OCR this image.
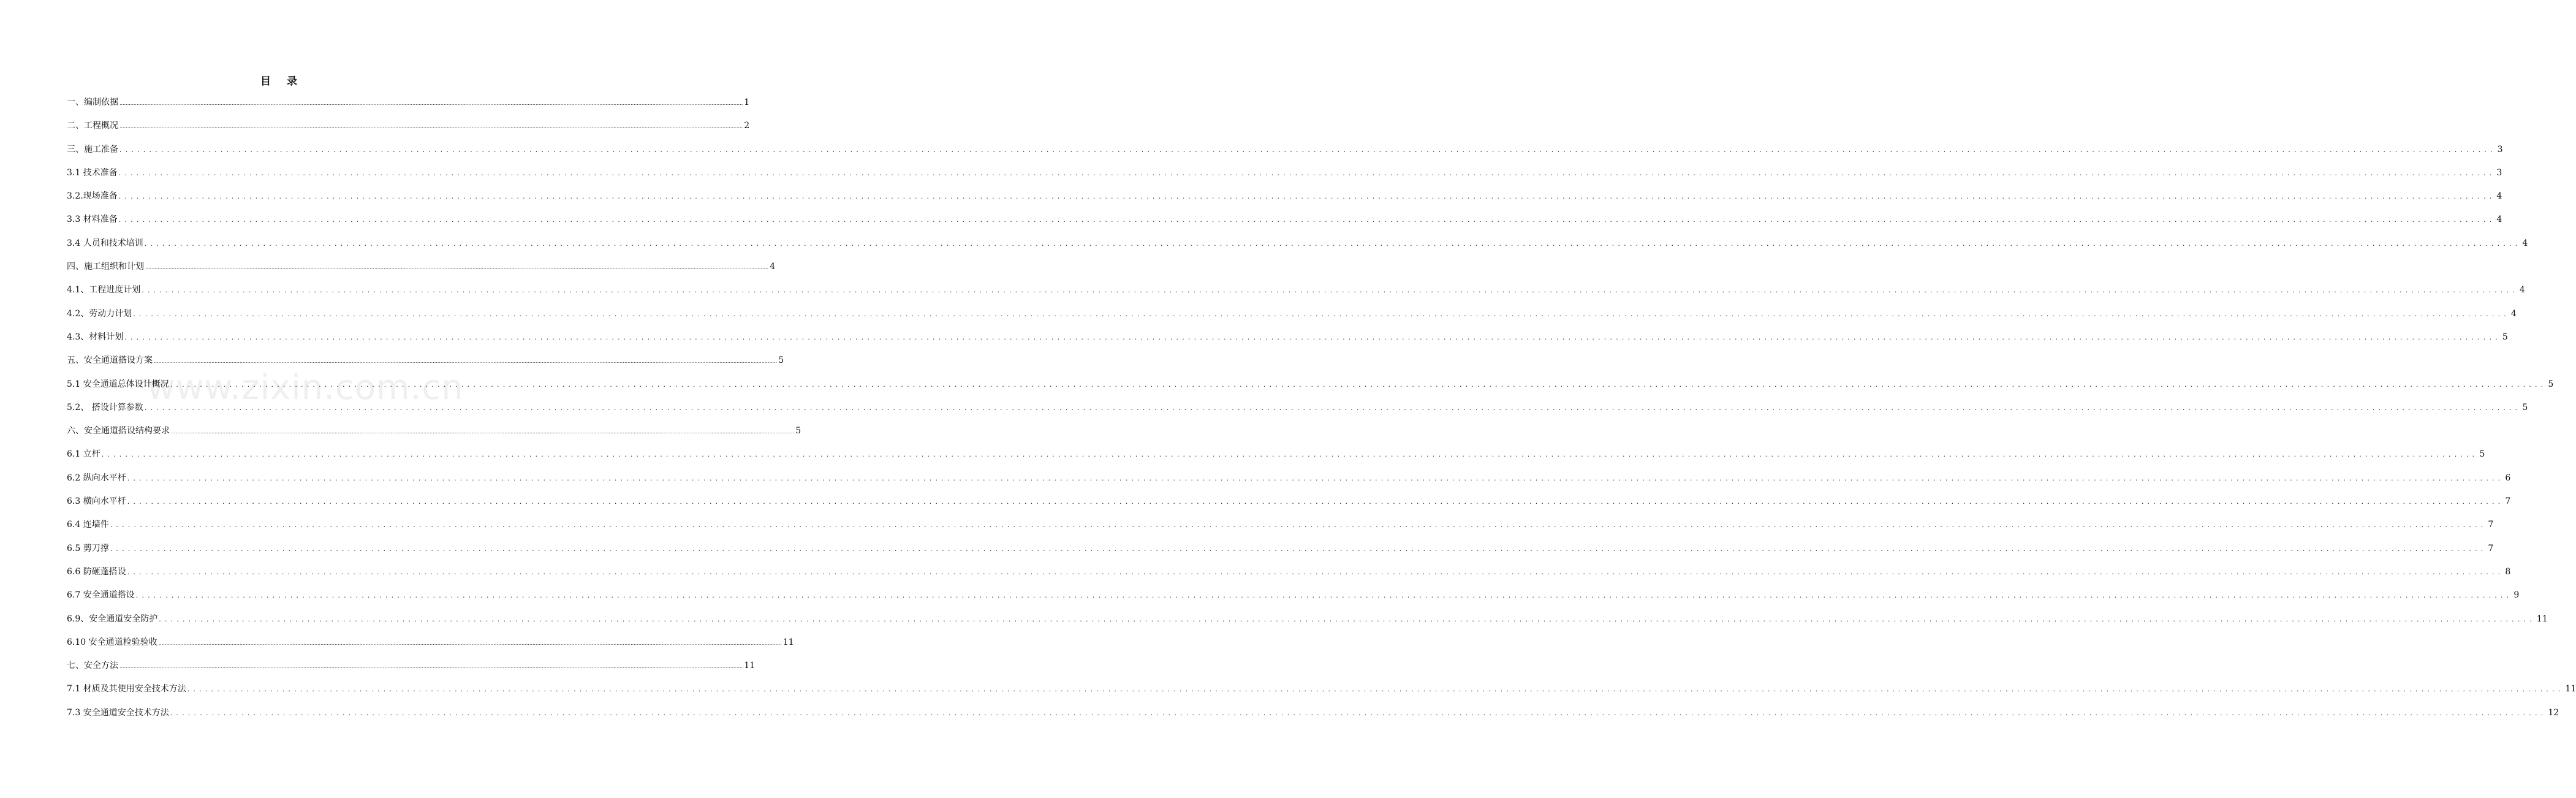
目 录
www.zixin.com.cn
一、编制依据 ................................................................................................................................................................................................................................................................................................................................................................................................................ 1
二、工程概况 ................................................................................................................................................................................................................................................................................................................................................................................................................ 2
三、施工准备 ................................................................................................................................................................................................................................................................................................................................................................................................................ 3
3.1 技术准备 ................................................................................................................................................................................................................................................................................................................................................................................................................ 3
3.2.现场准备 ................................................................................................................................................................................................................................................................................................................................................................................................................ 4
3.3 材料准备 ................................................................................................................................................................................................................................................................................................................................................................................................................ 4
3.4 人员和技术培训 ................................................................................................................................................................................................................................................................................................................................................................................................................ 4
四、施工组织和计划 ................................................................................................................................................................................................................................................................................................................................................................................................................ 4
4.1、工程进度计划 ................................................................................................................................................................................................................................................................................................................................................................................................................ 4
4.2、劳动力计划 ................................................................................................................................................................................................................................................................................................................................................................................................................ 4
4.3、材料计划 ................................................................................................................................................................................................................................................................................................................................................................................................................ 5
五、安全通道搭设方案 ................................................................................................................................................................................................................................................................................................................................................................................................................ 5
5.1 安全通道总体设计概况 ................................................................................................................................................................................................................................................................................................................................................................................................................ 5
5.2、 搭设计算参数 ................................................................................................................................................................................................................................................................................................................................................................................................................ 5
六、安全通道搭设结构要求 ................................................................................................................................................................................................................................................................................................................................................................................................................ 5
6.1 立杆 ................................................................................................................................................................................................................................................................................................................................................................................................................ 5
6.2 纵向水平杆 ................................................................................................................................................................................................................................................................................................................................................................................................................ 6
6.3 横向水平杆 ................................................................................................................................................................................................................................................................................................................................................................................................................ 7
6.4 连墙件 ................................................................................................................................................................................................................................................................................................................................................................................................................ 7
6.5 剪刀撑 ................................................................................................................................................................................................................................................................................................................................................................................................................ 7
6.6 防砸蓬搭设 ................................................................................................................................................................................................................................................................................................................................................................................................................ 8
6.7 安全通道搭设 ................................................................................................................................................................................................................................................................................................................................................................................................................ 9
6.9、安全通道安全防护 ................................................................................................................................................................................................................................................................................................................................................................................................................ 11
6.10 安全通道检验验收 ................................................................................................................................................................................................................................................................................................................................................................................................................ 11
七、安全方法 ................................................................................................................................................................................................................................................................................................................................................................................................................ 11
7.1 材质及其使用安全技术方法 ................................................................................................................................................................................................................................................................................................................................................................................................................ 11
7.3 安全通道安全技术方法 ................................................................................................................................................................................................................................................................................................................................................................................................................ 12
